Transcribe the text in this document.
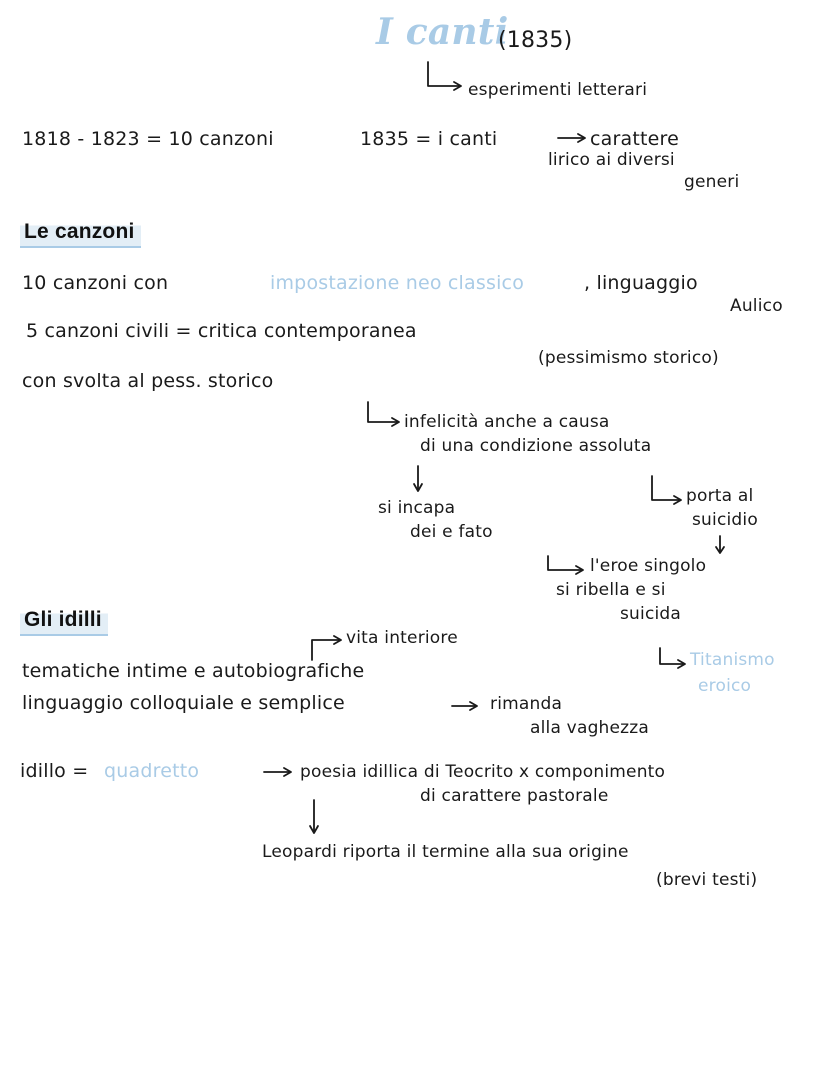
I canti
(1835)
esperimenti letterari
1818 - 1823 = 10 canzoni	1835 = i canti	carattere
lirico ai diversi
generi
Le canzoni
10 canzoni con	impostazione neo classico	, linguaggio
Aulico
5 canzoni civili = critica contemporanea
(pessimismo storico)
con svolta al pess. storico
infelicità anche a causa
di una condizione assoluta
si incapa
dei e fato
porta al
suicidio
l'eroe singolo
si ribella e si
suicida
Titanismo
eroico
Gli idilli
vita interiore
tematiche intime e autobiografiche
linguaggio colloquiale e semplice	rimanda
alla vaghezza
idillo = quadretto	poesia idillica di Teocrito x componimento
di carattere pastorale
Leopardi riporta il termine alla sua origine
(brevi testi)
